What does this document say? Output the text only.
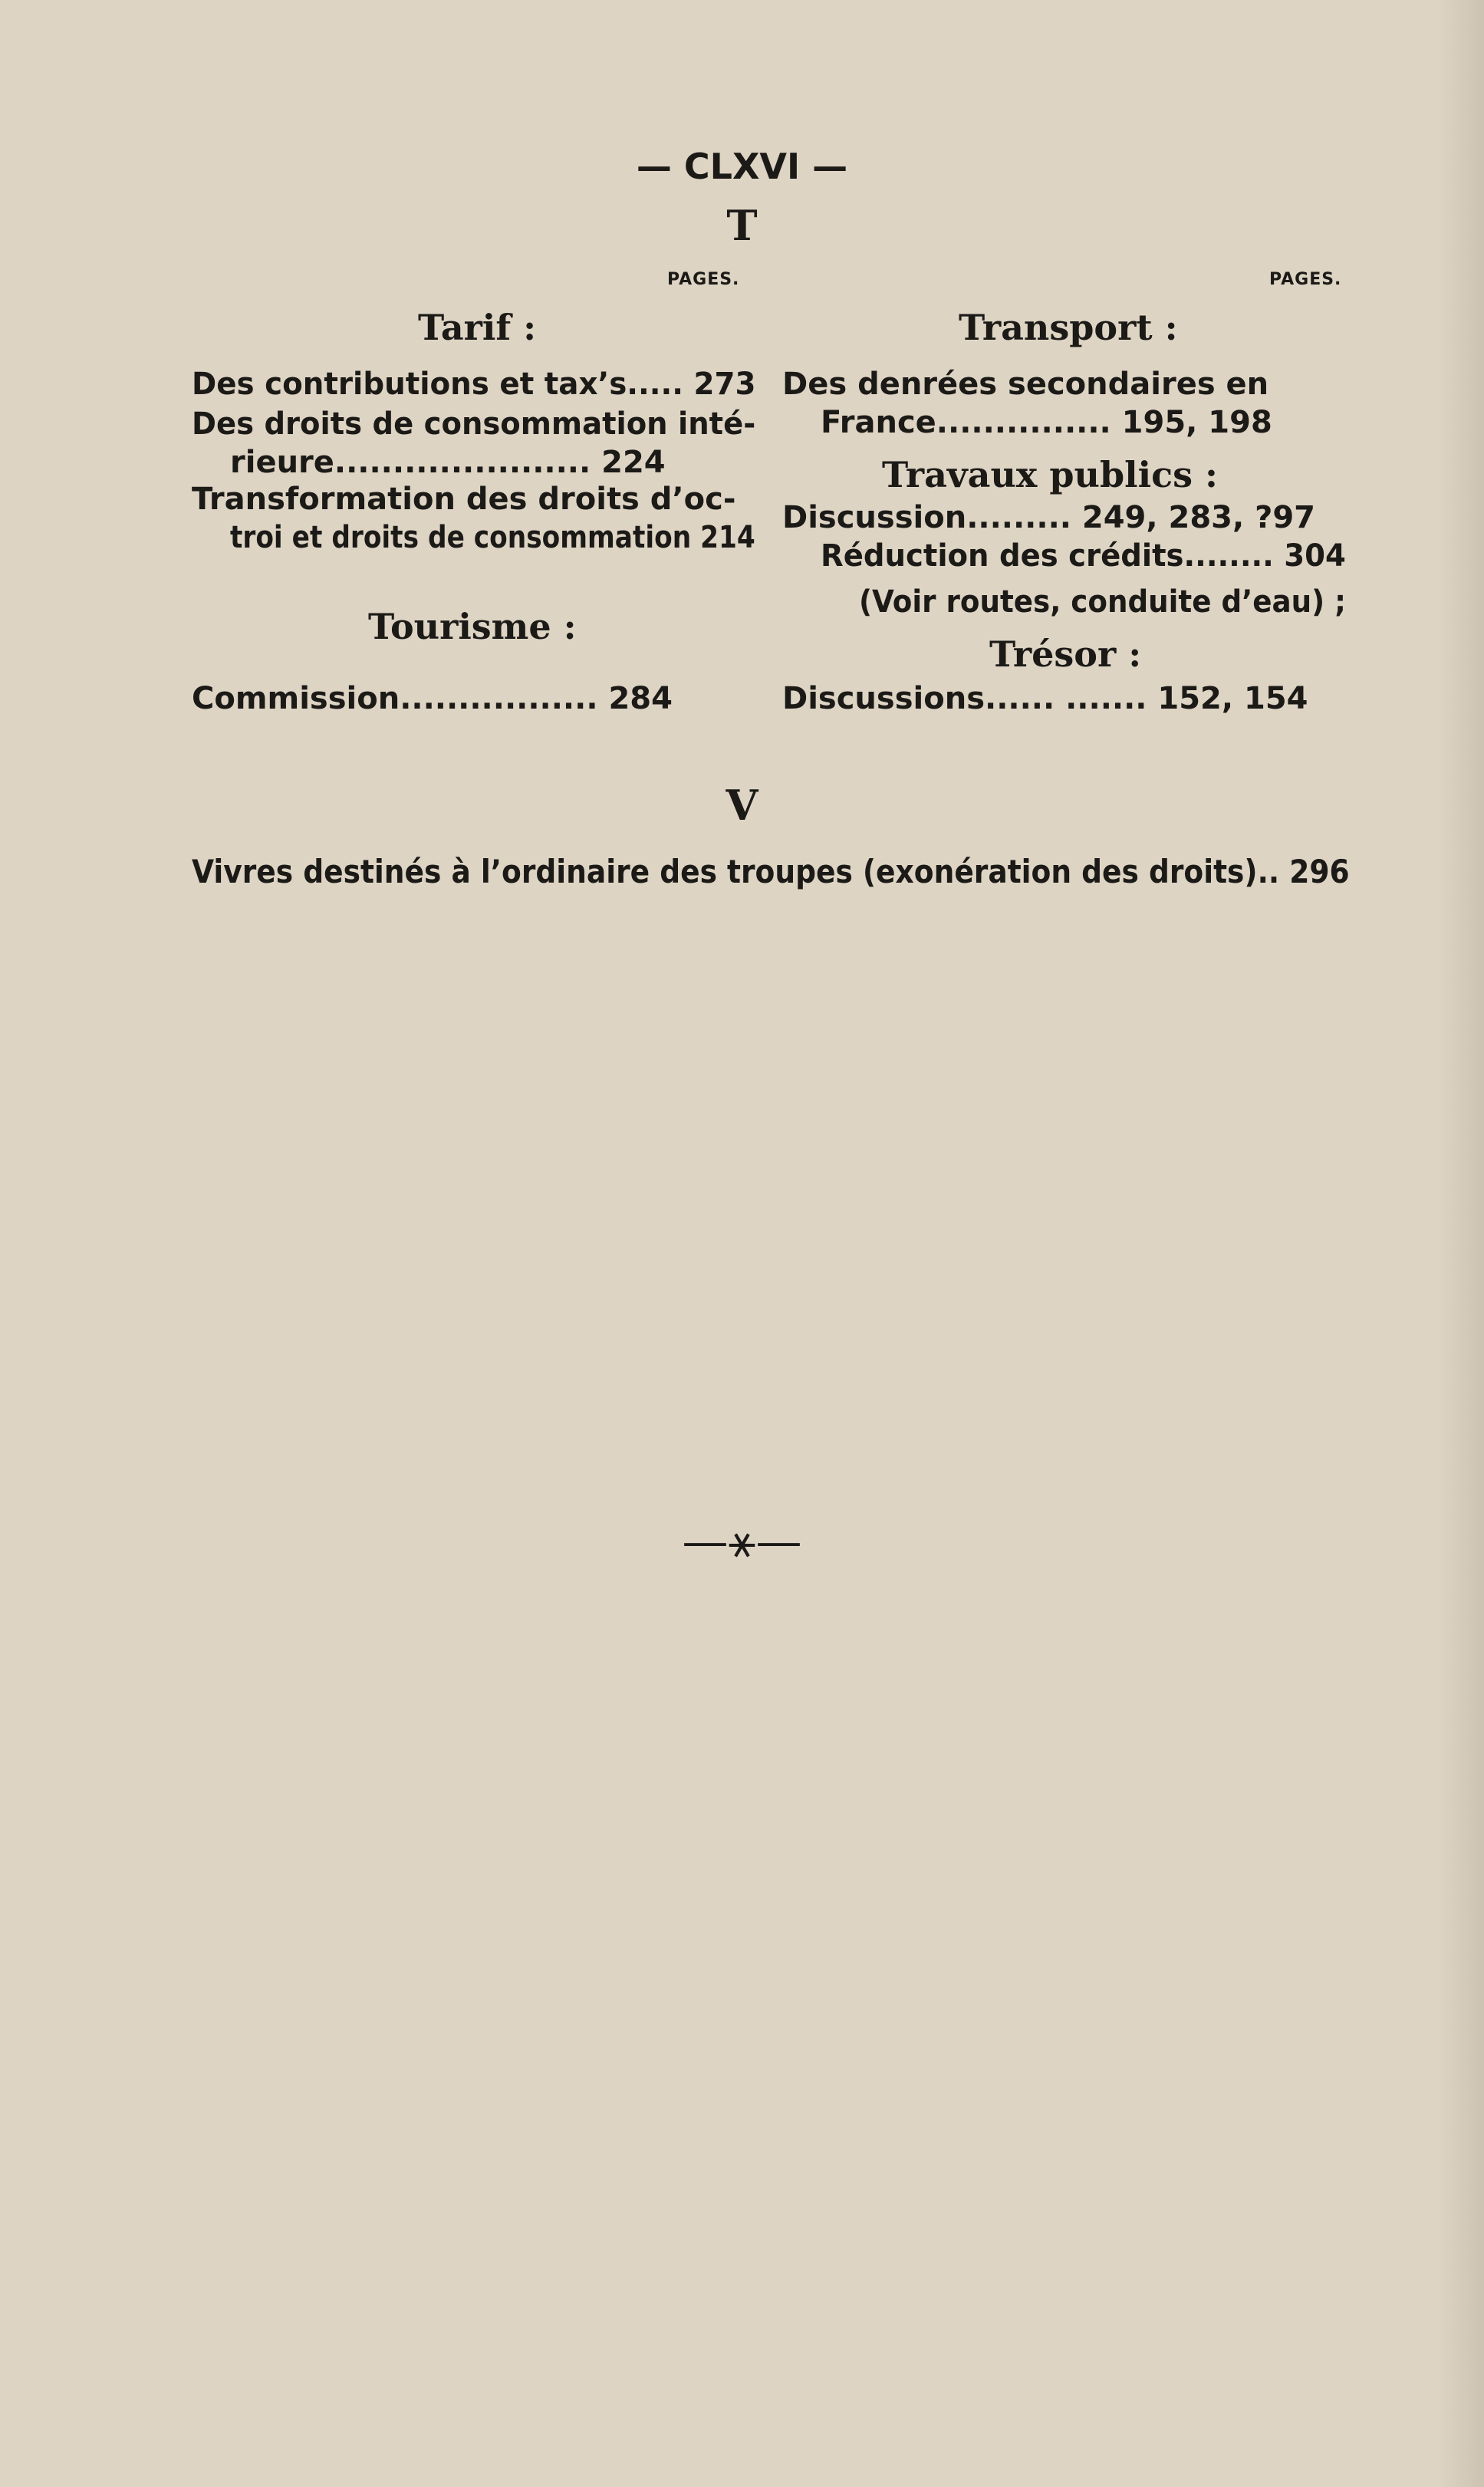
— CLXVI —
T
PAGES.
Tarif :
Des contributions et taxʼs..... 273
Des droits de consommation inté-
rieure...................... 224
Transformation des droits d’oc-
troi et droits de consommation 214
Tourisme :
Commission................. 284
PAGES.
Transport :
Des denrées secondaires en
France............... 195, 198
Travaux publics :
Discussion......... 249, 283, ?97
Réduction des crédits........ 304
(Voir routes, conduite d’eau) ;
Trésor :
Discussions...... ....... 152, 154
V
Vivres destinés à l’ordinaire des troupes (exonération des droits).. 296
—⚹—
